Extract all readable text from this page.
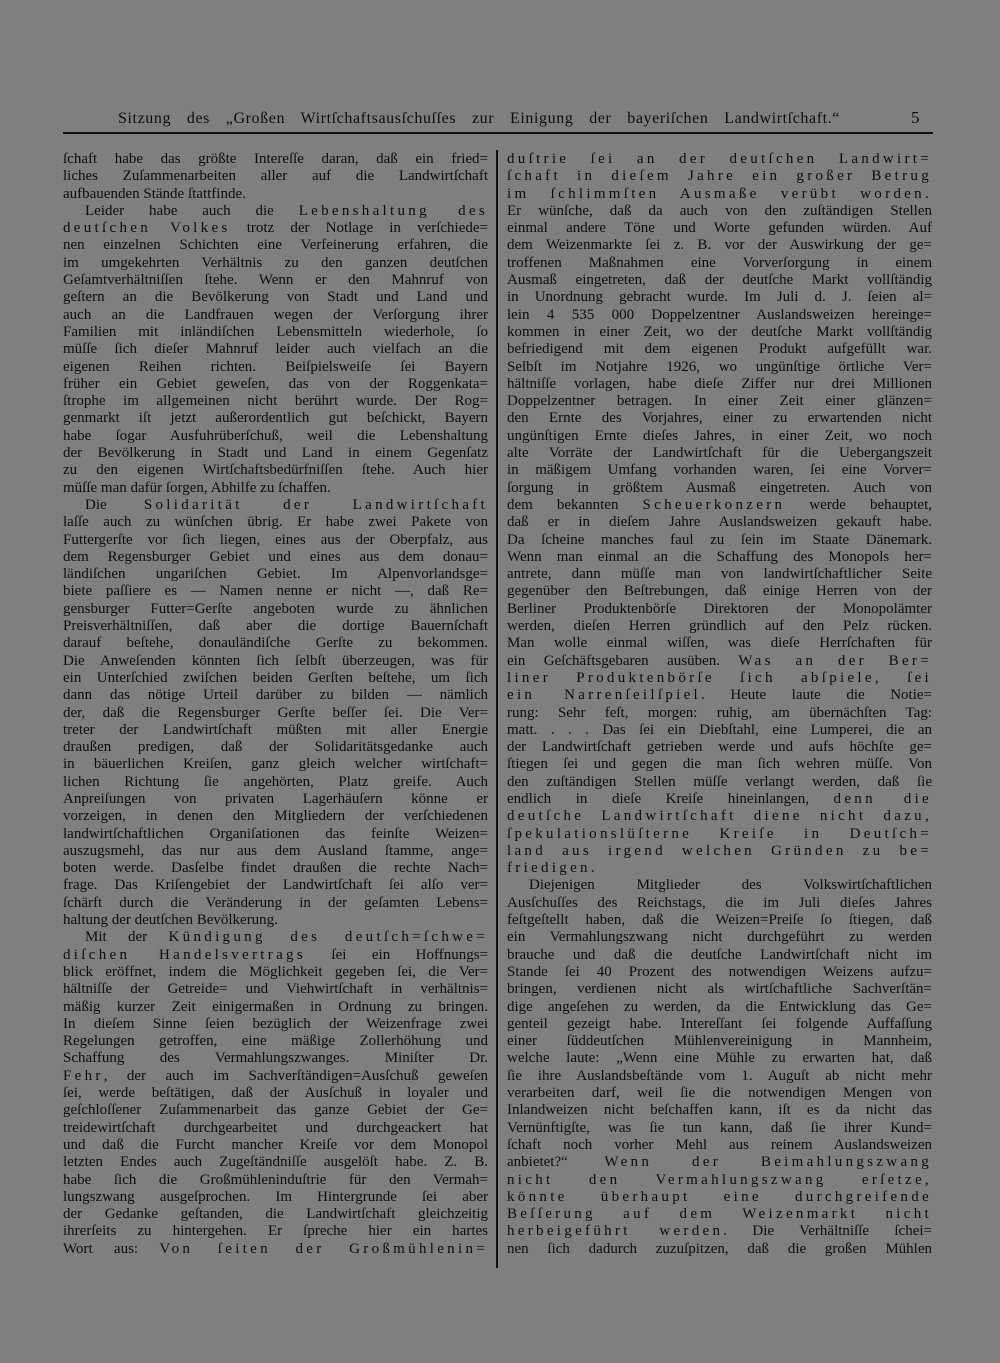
Sitzung des „Großen Wirtſchaftsausſchuſſes zur Einigung der bayeriſchen Landwirtſchaft.“	5
ſchaft habe das größte Intereſſe daran, daß ein fried=
liches Zuſammenarbeiten aller auf die Landwirtſchaft
aufbauenden Stände ſtattfinde.
Leider habe auch die Lebenshaltung des
deutſchen Volkes trotz der Notlage in verſchiede=
nen einzelnen Schichten eine Verfeinerung erfahren, die
im umgekehrten Verhältnis zu den ganzen deutſchen
Geſamtverhältniſſen ſtehe. Wenn er den Mahnruf von
geſtern an die Bevölkerung von Stadt und Land und
auch an die Landfrauen wegen der Verſorgung ihrer
Familien mit inländiſchen Lebensmitteln wiederhole, ſo
müſſe ſich dieſer Mahnruf leider auch vielfach an die
eigenen Reihen richten. Beiſpielsweiſe ſei Bayern
früher ein Gebiet geweſen, das von der Roggenkata=
ſtrophe im allgemeinen nicht berührt wurde. Der Rog=
genmarkt iſt jetzt außerordentlich gut beſchickt, Bayern
habe ſogar Ausfuhrüberſchuß, weil die Lebenshaltung
der Bevölkerung in Stadt und Land in einem Gegenſatz
zu den eigenen Wirtſchaftsbedürfniſſen ſtehe. Auch hier
müſſe man dafür ſorgen, Abhilfe zu ſchaffen.
Die Solidarität der Landwirtſchaft
laſſe auch zu wünſchen übrig. Er habe zwei Pakete von
Futtergerſte vor ſich liegen, eines aus der Oberpfalz, aus
dem Regensburger Gebiet und eines aus dem donau=
ländiſchen ungariſchen Gebiet. Im Alpenvorlandsge=
biete paſſiere es — Namen nenne er nicht —, daß Re=
gensburger Futter=Gerſte angeboten wurde zu ähnlichen
Preisverhältniſſen, daß aber die dortige Bauernſchaft
darauf beſtehe, donauländiſche Gerſte zu bekommen.
Die Anweſenden könnten ſich ſelbſt überzeugen, was für
ein Unterſchied zwiſchen beiden Gerſten beſtehe, um ſich
dann das nötige Urteil darüber zu bilden — nämlich
der, daß die Regensburger Gerſte beſſer ſei. Die Ver=
treter der Landwirtſchaft müßten mit aller Energie
draußen predigen, daß der Solidaritätsgedanke auch
in bäuerlichen Kreiſen, ganz gleich welcher wirtſchaft=
lichen Richtung ſie angehörten, Platz greife. Auch
Anpreiſungen von privaten Lagerhäuſern könne er
vorzeigen, in denen den Mitgliedern der verſchiedenen
landwirtſchaftlichen Organiſationen das feinſte Weizen=
auszugsmehl, das nur aus dem Ausland ſtamme, ange=
boten werde. Dasſelbe findet draußen die rechte Nach=
frage. Das Kriſengebiet der Landwirtſchaft ſei alſo ver=
ſchärft durch die Veränderung in der geſamten Lebens=
haltung der deutſchen Bevölkerung.
Mit der Kündigung des deutſch=ſchwe=
diſchen Handelsvertrags ſei ein Hoffnungs=
blick eröffnet, indem die Möglichkeit gegeben ſei, die Ver=
hältniſſe der Getreide= und Viehwirtſchaft in verhältnis=
mäßig kurzer Zeit einigermaßen in Ordnung zu bringen.
In dieſem Sinne ſeien bezüglich der Weizenfrage zwei
Regelungen getroffen, eine mäßige Zollerhöhung und
Schaffung des Vermahlungszwanges. Miniſter Dr.
Fehr, der auch im Sachverſtändigen=Ausſchuß geweſen
ſei, werde beſtätigen, daß der Ausſchuß in loyaler und
geſchloſſener Zuſammenarbeit das ganze Gebiet der Ge=
treidewirtſchaft durchgearbeitet und durchgeackert hat
und daß die Furcht mancher Kreiſe vor dem Monopol
letzten Endes auch Zugeſtändniſſe ausgelöſt habe. Z. B.
habe ſich die Großmühleninduſtrie für den Vermah=
lungszwang ausgeſprochen. Im Hintergrunde ſei aber
der Gedanke geſtanden, die Landwirtſchaft gleichzeitig
ihrerſeits zu hintergehen. Er ſpreche hier ein hartes
Wort aus: Von ſeiten der Großmühlenin=
duſtrie ſei an der deutſchen Landwirt=
ſchaft in dieſem Jahre ein großer Betrug
im ſchlimmſten Ausmaße verübt worden.
Er wünſche, daß da auch von den zuſtändigen Stellen
einmal andere Töne und Worte gefunden würden. Auf
dem Weizenmarkte ſei z. B. vor der Auswirkung der ge=
troffenen Maßnahmen eine Vorverſorgung in einem
Ausmaß eingetreten, daß der deutſche Markt vollſtändig
in Unordnung gebracht wurde. Im Juli d. J. ſeien al=
lein 4 535 000 Doppelzentner Auslandsweizen hereinge=
kommen in einer Zeit, wo der deutſche Markt vollſtändig
befriedigend mit dem eigenen Produkt aufgefüllt war.
Selbſt im Notjahre 1926, wo ungünſtige örtliche Ver=
hältniſſe vorlagen, habe dieſe Ziffer nur drei Millionen
Doppelzentner betragen. In einer Zeit einer glänzen=
den Ernte des Vorjahres, einer zu erwartenden nicht
ungünſtigen Ernte dieſes Jahres, in einer Zeit, wo noch
alte Vorräte der Landwirtſchaft für die Uebergangszeit
in mäßigem Umfang vorhanden waren, ſei eine Vorver=
ſorgung in größtem Ausmaß eingetreten. Auch von
dem bekannten Scheuerkonzern werde behauptet,
daß er in dieſem Jahre Auslandsweizen gekauft habe.
Da ſcheine manches faul zu ſein im Staate Dänemark.
Wenn man einmal an die Schaffung des Monopols her=
antrete, dann müſſe man von landwirtſchaftlicher Seite
gegenüber den Beſtrebungen, daß einige Herren von der
Berliner Produktenbörſe Direktoren der Monopolämter
werden, dieſen Herren gründlich auf den Pelz rücken.
Man wolle einmal wiſſen, was dieſe Herrſchaften für
ein Geſchäftsgebaren ausüben. Was an der Ber=
liner Produktenbörſe ſich abſpiele, ſei
ein Narrenſeilſpiel. Heute laute die Notie=
rung: Sehr feſt, morgen: ruhig, am übernächſten Tag:
matt. . . . Das ſei ein Diebſtahl, eine Lumperei, die an
der Landwirtſchaft getrieben werde und aufs höchſte ge=
ſtiegen ſei und gegen die man ſich wehren müſſe. Von
den zuſtändigen Stellen müſſe verlangt werden, daß ſie
endlich in dieſe Kreiſe hineinlangen, denn die
deutſche Landwirtſchaft diene nicht dazu,
ſpekulationslüſterne Kreiſe in Deutſch=
land aus irgend welchen Gründen zu be=
friedigen.
Diejenigen Mitglieder des Volkswirtſchaftlichen
Ausſchuſſes des Reichstags, die im Juli dieſes Jahres
feſtgeſtellt haben, daß die Weizen=Preiſe ſo ſtiegen, daß
ein Vermahlungszwang nicht durchgeführt zu werden
brauche und daß die deutſche Landwirtſchaft nicht im
Stande ſei 40 Prozent des notwendigen Weizens aufzu=
bringen, verdienen nicht als wirtſchaftliche Sachverſtän=
dige angeſehen zu werden, da die Entwicklung das Ge=
genteil gezeigt habe. Intereſſant ſei folgende Auffaſſung
einer ſüddeutſchen Mühlenvereinigung in Mannheim,
welche laute: „Wenn eine Mühle zu erwarten hat, daß
ſie ihre Auslandsbeſtände vom 1. Auguſt ab nicht mehr
verarbeiten darf, weil ſie die notwendigen Mengen von
Inlandweizen nicht beſchaffen kann, iſt es da nicht das
Vernünftigſte, was ſie tun kann, daß ſie ihrer Kund=
ſchaft noch vorher Mehl aus reinem Auslandsweizen
anbietet?“ Wenn der Beimahlungszwang
nicht den Vermahlungszwang erſetze,
könnte überhaupt eine durchgreifende
Beſſerung auf dem Weizenmarkt nicht
herbeigeführt werden. Die Verhältniſſe ſchei=
nen ſich dadurch zuzuſpitzen, daß die großen Mühlen
